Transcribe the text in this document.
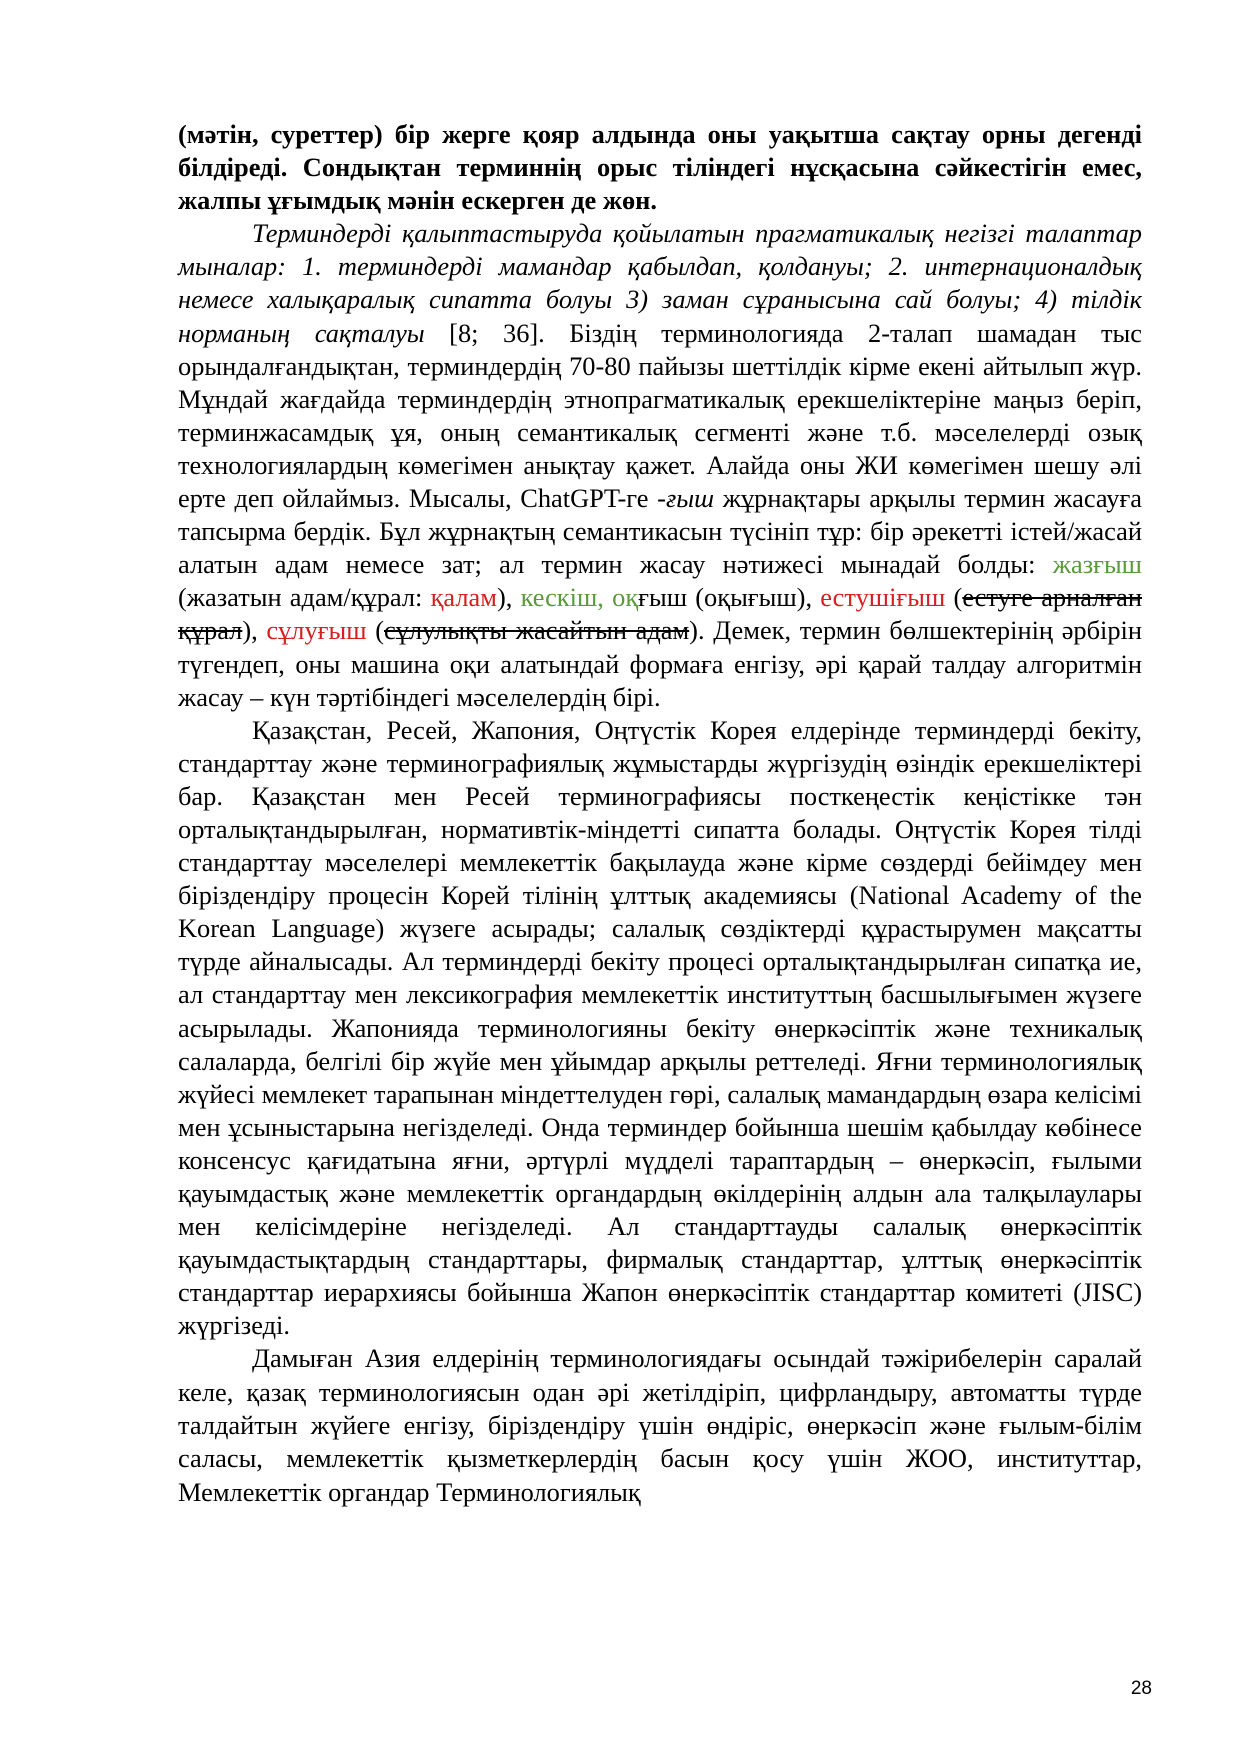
(мәтін, суреттер) бір жерге қояр алдында оны уақытша сақтау орны дегенді білдіреді. Сондықтан терминнің орыс тіліндегі нұсқасына сәйкестігін емес, жалпы ұғымдық мәнін ескерген де жөн.

Терминдерді қалыптастыруда қойылатын прагматикалық негізгі талаптар мыналар: 1. терминдерді мамандар қабылдап, қолдануы; 2. интернационалдық немесе халықаралық сипатта болуы 3) заман сұранысына сай болуы; 4) тілдік норманың сақталуы [8; 36]. Біздің терминологияда 2-талап шамадан тыс орындалғандықтан, терминдердің 70-80 пайызы шеттілдік кірме екені айтылып жүр. Мұндай жағдайда терминдердің этнопрагматикалық ерекшеліктеріне маңыз беріп, терминжасамдық ұя, оның семантикалық сегменті және т.б. мәселелерді озық технологиялардың көмегімен анықтау қажет. Алайда оны ЖИ көмегімен шешу әлі ерте деп ойлаймыз. Мысалы, ChatGPT-ге -ғыш жұрнақтары арқылы термин жасауға тапсырма бердік. Бұл жұрнақтың семантикасын түсініп тұр: бір әрекетті істей/жасай алатын адам немесе зат; ал термин жасау нәтижесі мынадай болды: жазғыш (жазатын адам/құрал: қалам), кескіш, оқғыш (оқығыш), естушіғыш (естуге арналған құрал), сұлуғыш (сұлулықты жасайтын адам). Демек, термин бөлшектерінің әрбірін түгендеп, оны машина оқи алатындай формаға енгізу, әрі қарай талдау алгоритмін жасау – күн тәртібіндегі мәселелердің бірі.

Қазақстан, Ресей, Жапония, Оңтүстік Корея елдерінде терминдерді бекіту, стандарттау және терминографиялық жұмыстарды жүргізудің өзіндік ерекшеліктері бар. Қазақстан мен Ресей терминографиясы посткеңестік кеңістікке тән орталықтандырылған, нормативтік-міндетті сипатта болады. Оңтүстік Корея тілді стандарттау мәселелері мемлекеттік бақылауда және кірме сөздерді бейімдеу мен біріздендіру процесін Корей тілінің ұлттық академиясы (National Academy of the Korean Language) жүзеге асырады; салалық сөздіктерді құрастырумен мақсатты түрде айналысады. Ал терминдерді бекіту процесі орталықтандырылған сипатқа ие, ал стандарттау мен лексикография мемлекеттік институттың басшылығымен жүзеге асырылады. Жапонияда терминологияны бекіту өнеркәсіптік және техникалық салаларда, белгілі бір жүйе мен ұйымдар арқылы реттеледі. Яғни терминологиялық жүйесі мемлекет тарапынан міндеттелуден гөрі, салалық мамандардың өзара келісімі мен ұсыныстарына негізделеді. Онда терминдер бойынша шешім қабылдау көбінесе консенсус қағидатына яғни, әртүрлі мүдделі тараптардың – өнеркәсіп, ғылыми қауымдастық және мемлекеттік органдардың өкілдерінің алдын ала талқылаулары мен келісімдеріне негізделеді. Ал стандарттауды салалық өнеркәсіптік қауымдастықтардың стандарттары, фирмалық стандарттар, ұлттық өнеркәсіптік стандарттар иерархиясы бойынша Жапон өнеркәсіптік стандарттар комитеті (JISC) жүргізеді.

Дамыған Азия елдерінің терминологиядағы осындай тәжірибелерін саралай келе, қазақ терминологиясын одан әрі жетілдіріп, цифрландыру, автоматты түрде талдайтын жүйеге енгізу, біріздендіру үшін өндіріс, өнеркәсіп және ғылым-білім саласы, мемлекеттік қызметкерлердің басын қосу үшін ЖОО, институттар, Мемлекеттік органдар Терминологиялық

28
